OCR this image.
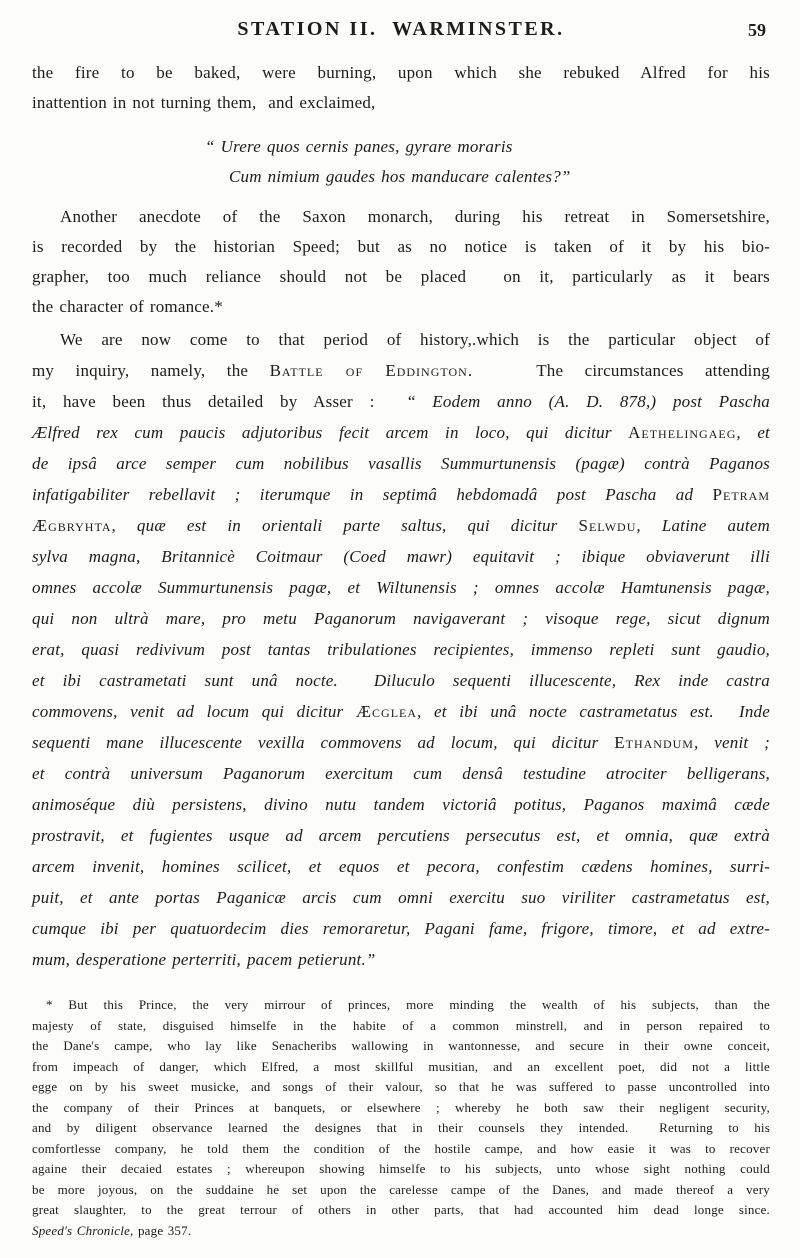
STATION II.  WARMINSTER.	59
the fire to be baked, were burning, upon which she rebuked Alfred for his
inattention in not turning them,  and exclaimed,
“ Urere quos cernis panes, gyrare moraris
Cum nimium gaudes hos manducare calentes?”
Another anecdote of the Saxon monarch, during his retreat in Somersetshire,
is recorded by the historian Speed; but as no notice is taken of it by his bio-
grapher, too much reliance should not be placed  on it, particularly as it bears
the character of romance.*
We are now come to that period of history,.which is the particular object of
my inquiry, namely, the Battle of Eddington.   The circumstances attending
it, have been thus detailed by Asser :  “ Eodem anno (A. D. 878,) post Pascha
Ælfred rex cum paucis adjutoribus fecit arcem in loco, qui dicitur Aethelingaeg, et
de ipsâ arce semper cum nobilibus vasallis Summurtunensis (pagæ) contrà Paganos
infatigabiliter rebellavit ; iterumque in septimâ hebdomadâ post Pascha ad Petram
Ægbryhta, quæ est in orientali parte saltus, qui dicitur Selwdu, Latine autem
sylva magna, Britannicè Coitmaur (Coed mawr) equitavit ; ibique obviaverunt illi
omnes accolæ Summurtunensis pagæ, et Wiltunensis ; omnes accolæ Hamtunensis pagæ,
qui non ultrà mare, pro metu Paganorum navigaverant ; visoque rege, sicut dignum
erat, quasi redivivum post tantas tribulationes recipientes, immenso repleti sunt gaudio,
et ibi castrametati sunt unâ nocte.  Diluculo sequenti illucescente, Rex inde castra
commovens, venit ad locum qui dicitur Æcglea, et ibi unâ nocte castrametatus est.  Inde
sequenti mane illucescente vexilla commovens ad locum, qui dicitur Ethandum, venit ;
et contrà universum Paganorum exercitum cum densâ testudine atrociter belligerans,
animoséque diù persistens, divino nutu tandem victoriâ potitus, Paganos maximâ cæde
prostravit, et fugientes usque ad arcem percutiens persecutus est, et omnia, quæ extrà
arcem invenit, homines scilicet, et equos et pecora, confestim cædens homines, surri-
puit, et ante portas Paganicæ arcis cum omni exercitu suo viriliter castrametatus est,
cumque ibi per quatuordecim dies remoraretur, Pagani fame, frigore, timore, et ad extre-
mum, desperatione perterriti, pacem petierunt.”
* But this Prince, the very mirrour of princes, more minding the wealth of his subjects, than the
majesty of state, disguised himselfe in the habite of a common minstrell, and in person repaired to
the Dane's campe, who lay like Senacheribs wallowing in wantonnesse, and secure in their owne conceit,
from impeach of danger, which Elfred, a most skillful musitian, and an excellent poet, did not a little
egge on by his sweet musicke, and songs of their valour, so that he was suffered to passe uncontrolled into
the company of their Princes at banquets, or elsewhere ; whereby he both saw their negligent security,
and by diligent observance learned the designes that in their counsels they intended.  Returning to his
comfortlesse company, he told them the condition of the hostile campe, and how easie it was to recover
againe their decaied estates ; whereupon showing himselfe to his subjects, unto whose sight nothing could
be more joyous, on the suddaine he set upon the carelesse campe of the Danes, and made thereof a very
great slaughter, to the great terrour of others in other parts, that had accounted him dead longe since.
Speed's Chronicle, page 357.
